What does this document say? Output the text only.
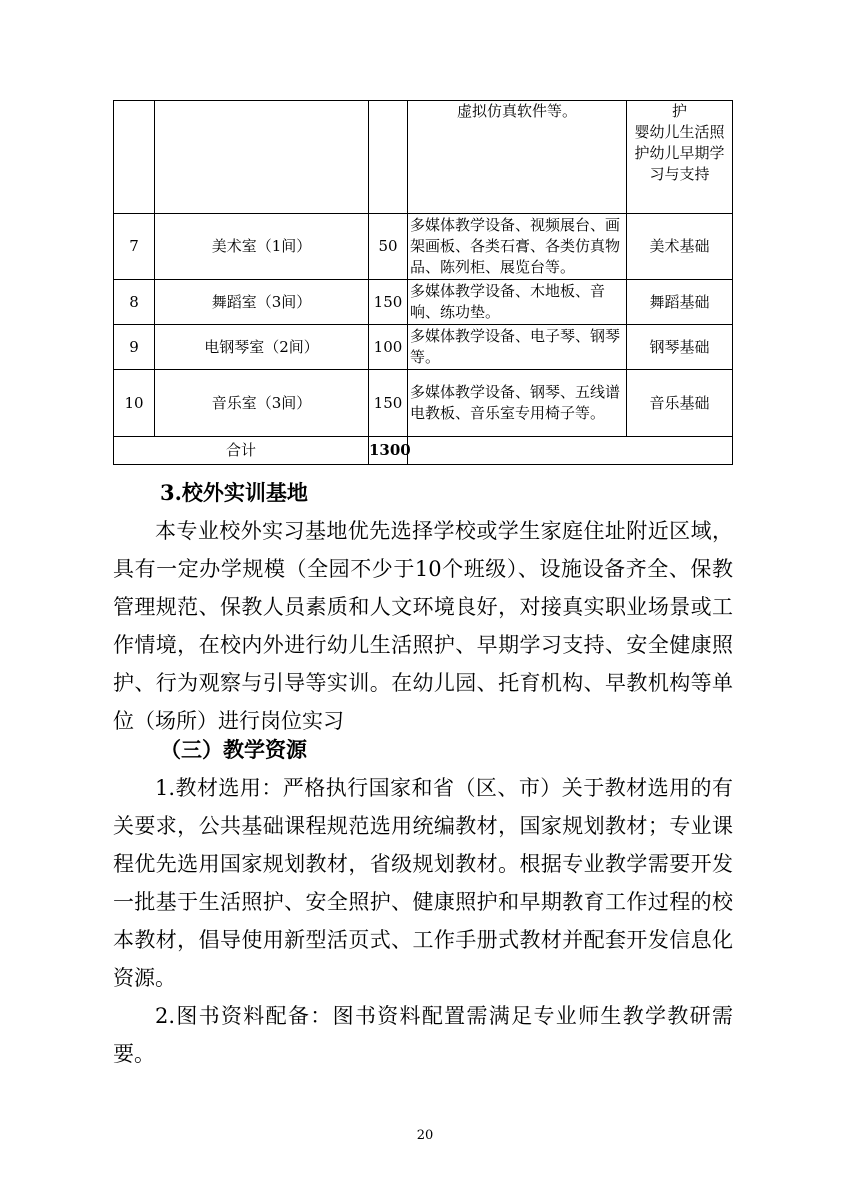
			虚拟仿真软件等。	护
婴幼儿生活照
护幼儿早期学
习与支持

7	美术室（1间）	50	多媒体教学设备、视频展台、画架画板、各类石膏、各类仿真物品、陈列柜、展览台等。	美术基础
8	舞蹈室（3间）	150	多媒体教学设备、木地板、音响、练功垫。	舞蹈基础
9	电钢琴室（2间）	100	多媒体教学设备、电子琴、钢琴等。	钢琴基础
10	音乐室（3间）	150	多媒体教学设备、钢琴、五线谱电教板、音乐室专用椅子等。	音乐基础
合计		1300		
3.校外实训基地

本专业校外实习基地优先选择学校或学生家庭住址附近区域，具有一定办学规模（全园不少于10个班级）、设施设备齐全、保教管理规范、保教人员素质和人文环境良好，对接真实职业场景或工作情境，在校内外进行幼儿生活照护、早期学习支持、安全健康照护、行为观察与引导等实训。在幼儿园、托育机构、早教机构等单位（场所）进行岗位实习

（三）教学资源

1.教材选用：严格执行国家和省（区、市）关于教材选用的有关要求，公共基础课程规范选用统编教材，国家规划教材；专业课程优先选用国家规划教材，省级规划教材。根据专业教学需要开发一批基于生活照护、安全照护、健康照护和早期教育工作过程的校本教材，倡导使用新型活页式、工作手册式教材并配套开发信息化资源。

2.图书资料配备：图书资料配置需满足专业师生教学教研需要。

20
